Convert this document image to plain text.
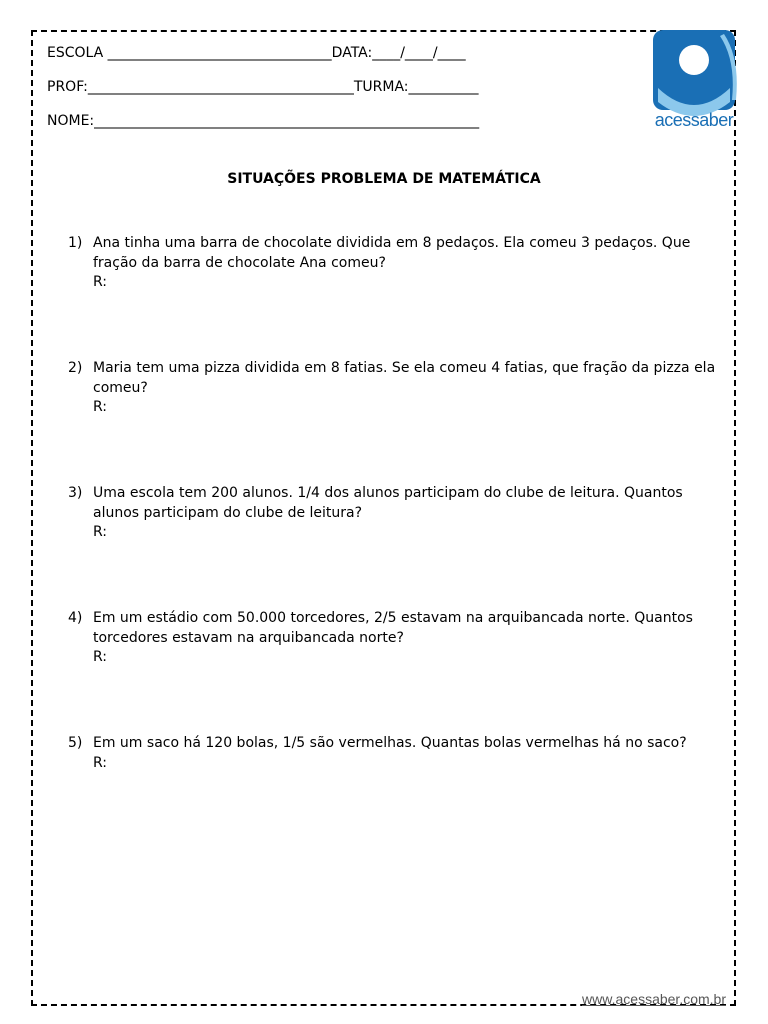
ESCOLA ________________________________DATA:____/____/____
PROF:______________________________________TURMA:__________
NOME:_______________________________________________________	acessaber
SITUAÇÕES PROBLEMA DE MATEMÁTICA
1) Ana tinha uma barra de chocolate dividida em 8 pedaços. Ela comeu 3 pedaços. Que fração da barra de chocolate Ana comeu?
R:
2) Maria tem uma pizza dividida em 8 fatias. Se ela comeu 4 fatias, que fração da pizza ela comeu?
R:
3) Uma escola tem 200 alunos. 1/4 dos alunos participam do clube de leitura. Quantos alunos participam do clube de leitura?
R:
4) Em um estádio com 50.000 torcedores, 2/5 estavam na arquibancada norte. Quantos torcedores estavam na arquibancada norte?
R:
5) Em um saco há 120 bolas, 1/5 são vermelhas. Quantas bolas vermelhas há no saco?
R:
www.acessaber.com.br
